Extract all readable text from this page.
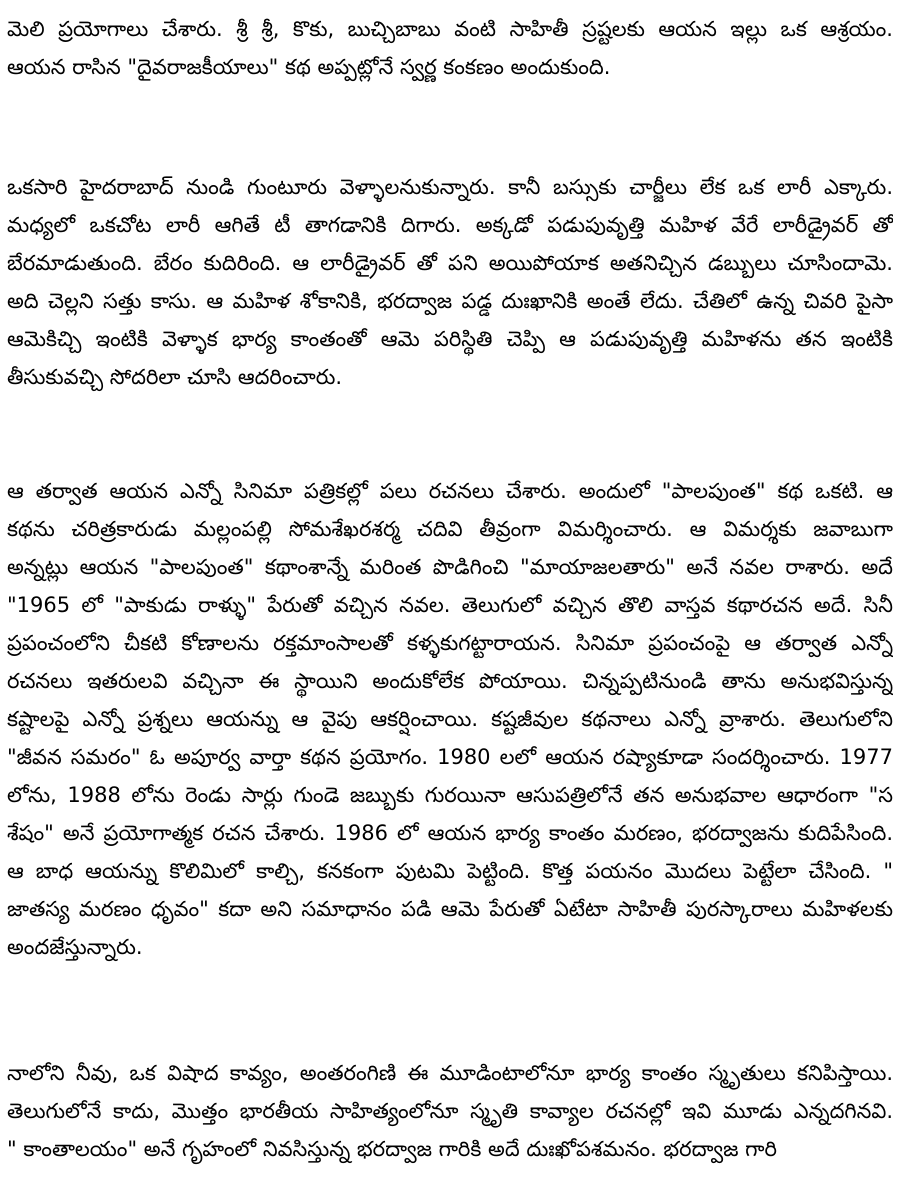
మెలి ప్రయోగాలు చేశారు. శ్రీ శ్రీ, కొకు, బుచ్చిబాబు వంటి సాహితీ స్రష్టలకు ఆయన ఇల్లు ఒక ఆశ్రయం.
ఆయన రాసిన "దైవరాజకీయాలు" కథ అప్పట్లోనే స్వర్ణ కంకణం అందుకుంది.
ఒకసారి హైదరాబాద్ నుండి గుంటూరు వెళ్ళాలనుకున్నారు. కానీ బస్సుకు చార్జీలు లేక ఒక లారీ ఎక్కారు.
మధ్యలో ఒకచోట లారీ ఆగితే టీ తాగడానికి దిగారు. అక్కడో పడుపువృత్తి మహిళ వేరే లారీడ్రైవర్ తో
బేరమాడుతుంది. బేరం కుదిరింది. ఆ లారీడ్రైవర్ తో పని అయిపోయాక అతనిచ్చిన డబ్బులు చూసిందామె.
అది చెల్లని సత్తు కాసు. ఆ మహిళ శోకానికి, భరద్వాజ పడ్డ దుఃఖానికి అంతే లేదు. చేతిలో ఉన్న చివరి పైసా
ఆమెకిచ్చి ఇంటికి వెళ్ళాక భార్య కాంతంతో ఆమె పరిస్థితి చెప్పి ఆ పడుపువృత్తి మహిళను తన ఇంటికి
తీసుకువచ్చి సోదరిలా చూసి ఆదరించారు.
ఆ తర్వాత ఆయన ఎన్నో సినిమా పత్రికల్లో పలు రచనలు చేశారు. అందులో "పాలపుంత" కథ ఒకటి. ఆ
కథను చరిత్రకారుడు మల్లంపల్లి సోమశేఖరశర్మ చదివి తీవ్రంగా విమర్శించారు. ఆ విమర్శకు జవాబుగా
అన్నట్లు ఆయన "పాలపుంత" కథాంశాన్నే మరింత పొడిగించి "మాయాజలతారు" అనే నవల రాశారు. అదే
"1965 లో "పాకుడు రాళ్ళు" పేరుతో వచ్చిన నవల. తెలుగులో వచ్చిన తొలి వాస్తవ కథారచన అదే. సినీ
ప్రపంచంలోని చీకటి కోణాలను రక్తమాంసాలతో కళ్ళకుగట్టారాయన. సినిమా ప్రపంచంపై ఆ తర్వాత ఎన్నో
రచనలు ఇతరులవి వచ్చినా ఈ స్థాయిని అందుకోలేక పోయాయి. చిన్నప్పటినుండి తాను అనుభవిస్తున్న
కష్టాలపై ఎన్నో ప్రశ్నలు ఆయన్ను ఆ వైపు ఆకర్షించాయి. కష్టజీవుల కథనాలు ఎన్నో వ్రాశారు. తెలుగులోని
"జీవన సమరం" ఓ అపూర్వ వార్తా కథన ప్రయోగం. 1980 లలో ఆయన రష్యాకూడా సందర్శించారు. 1977
లోను, 1988 లోను రెండు సార్లు గుండె జబ్బుకు గురయినా ఆసుపత్రిలోనే తన అనుభవాల ఆధారంగా "స
శేషం" అనే ప్రయోగాత్మక రచన చేశారు. 1986 లో ఆయన భార్య కాంతం మరణం, భరద్వాజను కుదిపేసింది.
ఆ బాధ ఆయన్ను కొలిమిలో కాల్చి, కనకంగా పుటమి పెట్టింది. కొత్త పయనం మొదలు పెట్టేలా చేసింది. "
జాతస్య మరణం ధృవం" కదా అని సమాధానం పడి ఆమె పేరుతో ఏటేటా సాహితీ పురస్కారాలు మహిళలకు
అందజేస్తున్నారు.
నాలోని నీవు, ఒక విషాద కావ్యం, అంతరంగిణి ఈ మూడింటాలోనూ భార్య కాంతం స్మృతులు కనిపిస్తాయి.
తెలుగులోనే కాదు, మొత్తం భారతీయ సాహిత్యంలోనూ స్మృతి కావ్యాల రచనల్లో ఇవి మూడు ఎన్నదగినవి.
" కాంతాలయం" అనే గృహంలో నివసిస్తున్న భరద్వాజ గారికి అదే దుఃఖోపశమనం. భరద్వాజ గారి
